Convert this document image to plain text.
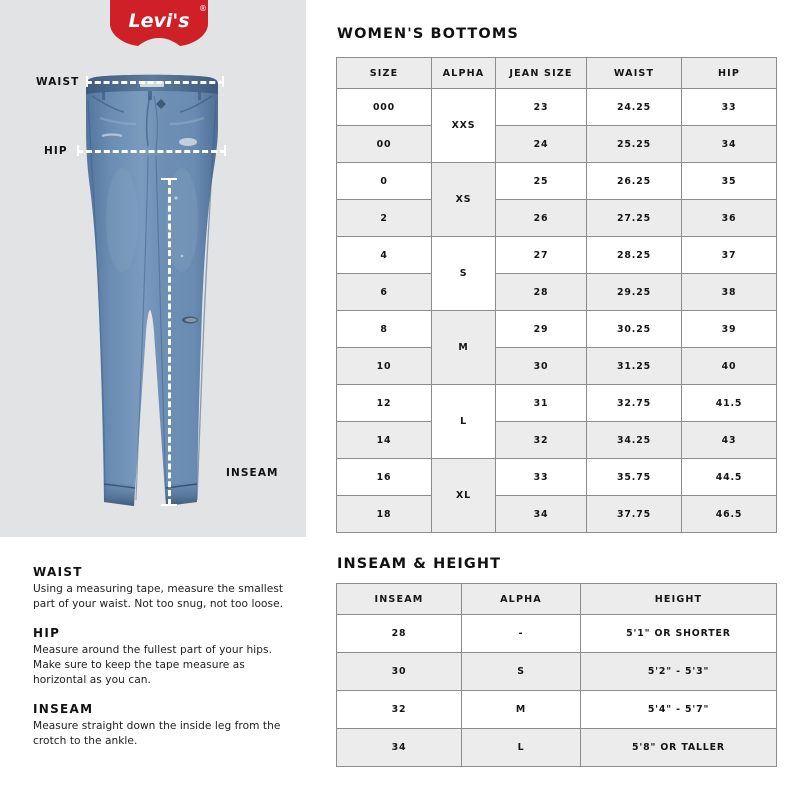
Levi's
®
WAIST
HIP
INSEAM
WAIST
Using a measuring tape, measure the smallest part of your waist. Not too snug, not too loose.
HIP
Measure around the fullest part of your hips. Make sure to keep the tape measure as horizontal as you can.
INSEAM
Measure straight down the inside leg from the crotch to the ankle.
WOMEN'S BOTTOMS
INSEAM & HEIGHT
SIZE	ALPHA	JEAN SIZE	WAIST	HIP
000	XXS	23	24.25	33
00		24	25.25	34
0	XS	25	26.25	35
2		26	27.25	36
4	S	27	28.25	37
6		28	29.25	38
8	M	29	30.25	39
10		30	31.25	40
12	L	31	32.75	41.5
14		32	34.25	43
16	XL	33	35.75	44.5
18		34	37.75	46.5
INSEAM	ALPHA	HEIGHT
28	-	5'1" OR SHORTER
30	S	5'2" - 5'3"
32	M	5'4" - 5'7"
34	L	5'8" OR TALLER
